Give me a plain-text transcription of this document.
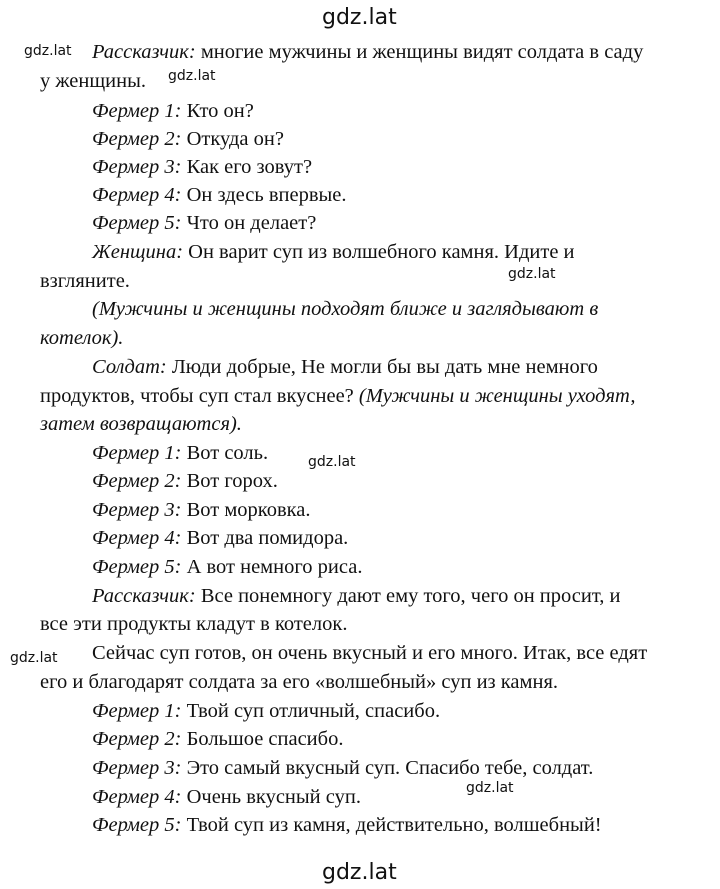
gdz.lat
gdz.lat
gdz.lat
gdz.lat
gdz.lat
gdz.lat
gdz.lat
gdz.lat
Рассказчик: многие мужчины и женщины видят солдата в саду
у женщины.
Фермер 1: Кто он?
Фермер 2: Откуда он?
Фермер 3: Как его зовут?
Фермер 4: Он здесь впервые.
Фермер 5: Что он делает?
Женщина: Он варит суп из волшебного камня. Идите и
взгляните.
(Мужчины и женщины подходят ближе и заглядывают в
котелок).
Солдат: Люди добрые, Не могли бы вы дать мне немного
продуктов, чтобы суп стал вкуснее? (Мужчины и женщины уходят,
затем возвращаются).
Фермер 1: Вот соль.
Фермер 2: Вот горох.
Фермер 3: Вот морковка.
Фермер 4: Вот два помидора.
Фермер 5: А вот немного риса.
Рассказчик: Все понемногу дают ему того, чего он просит, и
все эти продукты кладут в котелок.
Сейчас суп готов, он очень вкусный и его много. Итак, все едят
его и благодарят солдата за его «волшебный» суп из камня.
Фермер 1: Твой суп отличный, спасибо.
Фермер 2: Большое спасибо.
Фермер 3: Это самый вкусный суп. Спасибо тебе, солдат.
Фермер 4: Очень вкусный суп.
Фермер 5: Твой суп из камня, действительно, волшебный!
